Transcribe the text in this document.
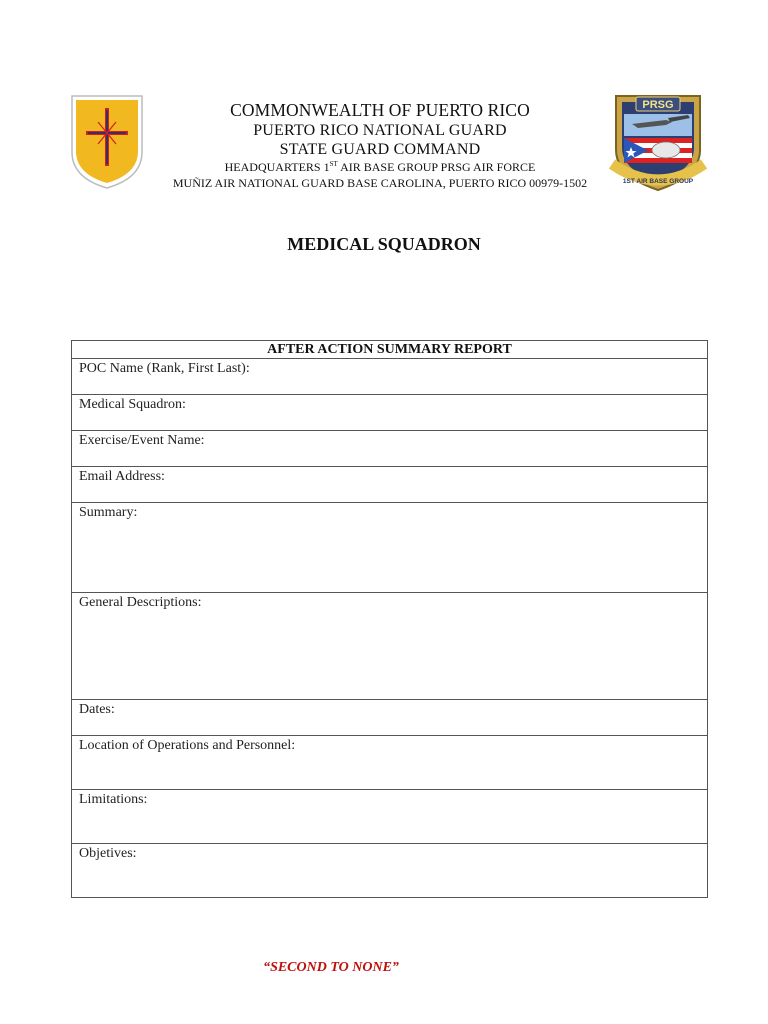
COMMONWEALTH OF PUERTO RICO
PUERTO RICO NATIONAL GUARD
STATE GUARD COMMAND
HEADQUARTERS 1ST AIR BASE GROUP PRSG AIR FORCE
MUÑIZ AIR NATIONAL GUARD BASE CAROLINA, PUERTO RICO 00979-1502
PRSG
1ST AIR BASE GROUP
MEDICAL SQUADRON
AFTER ACTION SUMMARY REPORT

POC Name (Rank, First Last):

Medical Squadron:

Exercise/Event Name:

Email Address:

Summary:

General Descriptions:

Dates:

Location of Operations and Personnel:

Limitations:

Objetives:
“SECOND TO NONE”
